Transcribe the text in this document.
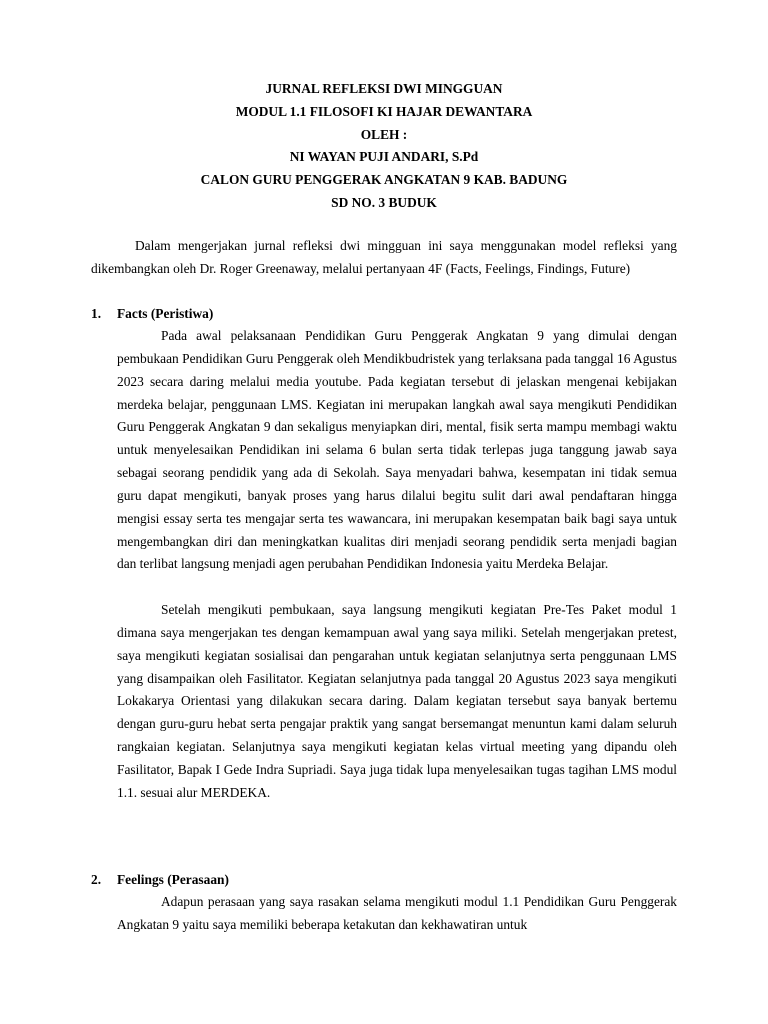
JURNAL REFLEKSI DWI MINGGUAN
MODUL 1.1 FILOSOFI KI HAJAR DEWANTARA
OLEH :
NI WAYAN PUJI ANDARI, S.Pd
CALON GURU PENGGERAK ANGKATAN 9 KAB. BADUNG
SD NO. 3 BUDUK

Dalam mengerjakan jurnal refleksi dwi mingguan ini saya menggunakan model refleksi yang dikembangkan oleh Dr. Roger Greenaway, melalui pertanyaan 4F (Facts, Feelings, Findings, Future)

1. Facts (Peristiwa)

Pada awal pelaksanaan Pendidikan Guru Penggerak Angkatan 9 yang dimulai dengan pembukaan Pendidikan Guru Penggerak oleh Mendikbudristek yang terlaksana pada tanggal 16 Agustus 2023 secara daring melalui media youtube. Pada kegiatan tersebut di jelaskan mengenai kebijakan merdeka belajar, penggunaan LMS. Kegiatan ini merupakan langkah awal saya mengikuti Pendidikan Guru Penggerak Angkatan 9 dan sekaligus menyiapkan diri, mental, fisik serta mampu membagi waktu untuk menyelesaikan Pendidikan ini selama 6 bulan serta tidak terlepas juga tanggung jawab saya sebagai seorang pendidik yang ada di Sekolah. Saya menyadari bahwa, kesempatan ini tidak semua guru dapat mengikuti, banyak proses yang harus dilalui begitu sulit dari awal pendaftaran hingga mengisi essay serta tes mengajar serta tes wawancara, ini merupakan kesempatan baik bagi saya untuk mengembangkan diri dan meningkatkan kualitas diri menjadi seorang pendidik serta menjadi bagian dan terlibat langsung menjadi agen perubahan Pendidikan Indonesia yaitu Merdeka Belajar.

Setelah mengikuti pembukaan, saya langsung mengikuti kegiatan Pre-Tes Paket modul 1 dimana saya mengerjakan tes dengan kemampuan awal yang saya miliki. Setelah mengerjakan pretest, saya mengikuti kegiatan sosialisai dan pengarahan untuk kegiatan selanjutnya serta penggunaan LMS yang disampaikan oleh Fasilitator. Kegiatan selanjutnya pada tanggal 20 Agustus 2023 saya mengikuti Lokakarya Orientasi yang dilakukan secara daring. Dalam kegiatan tersebut saya banyak bertemu dengan guru-guru hebat serta pengajar praktik yang sangat bersemangat menuntun kami dalam seluruh rangkaian kegiatan. Selanjutnya saya mengikuti kegiatan kelas virtual meeting yang dipandu oleh Fasilitator, Bapak I Gede Indra Supriadi. Saya juga tidak lupa menyelesaikan tugas tagihan LMS modul 1.1. sesuai alur MERDEKA.

2. Feelings (Perasaan)

Adapun perasaan yang saya rasakan selama mengikuti modul 1.1 Pendidikan Guru Penggerak Angkatan 9 yaitu saya memiliki beberapa ketakutan dan kekhawatiran untuk
